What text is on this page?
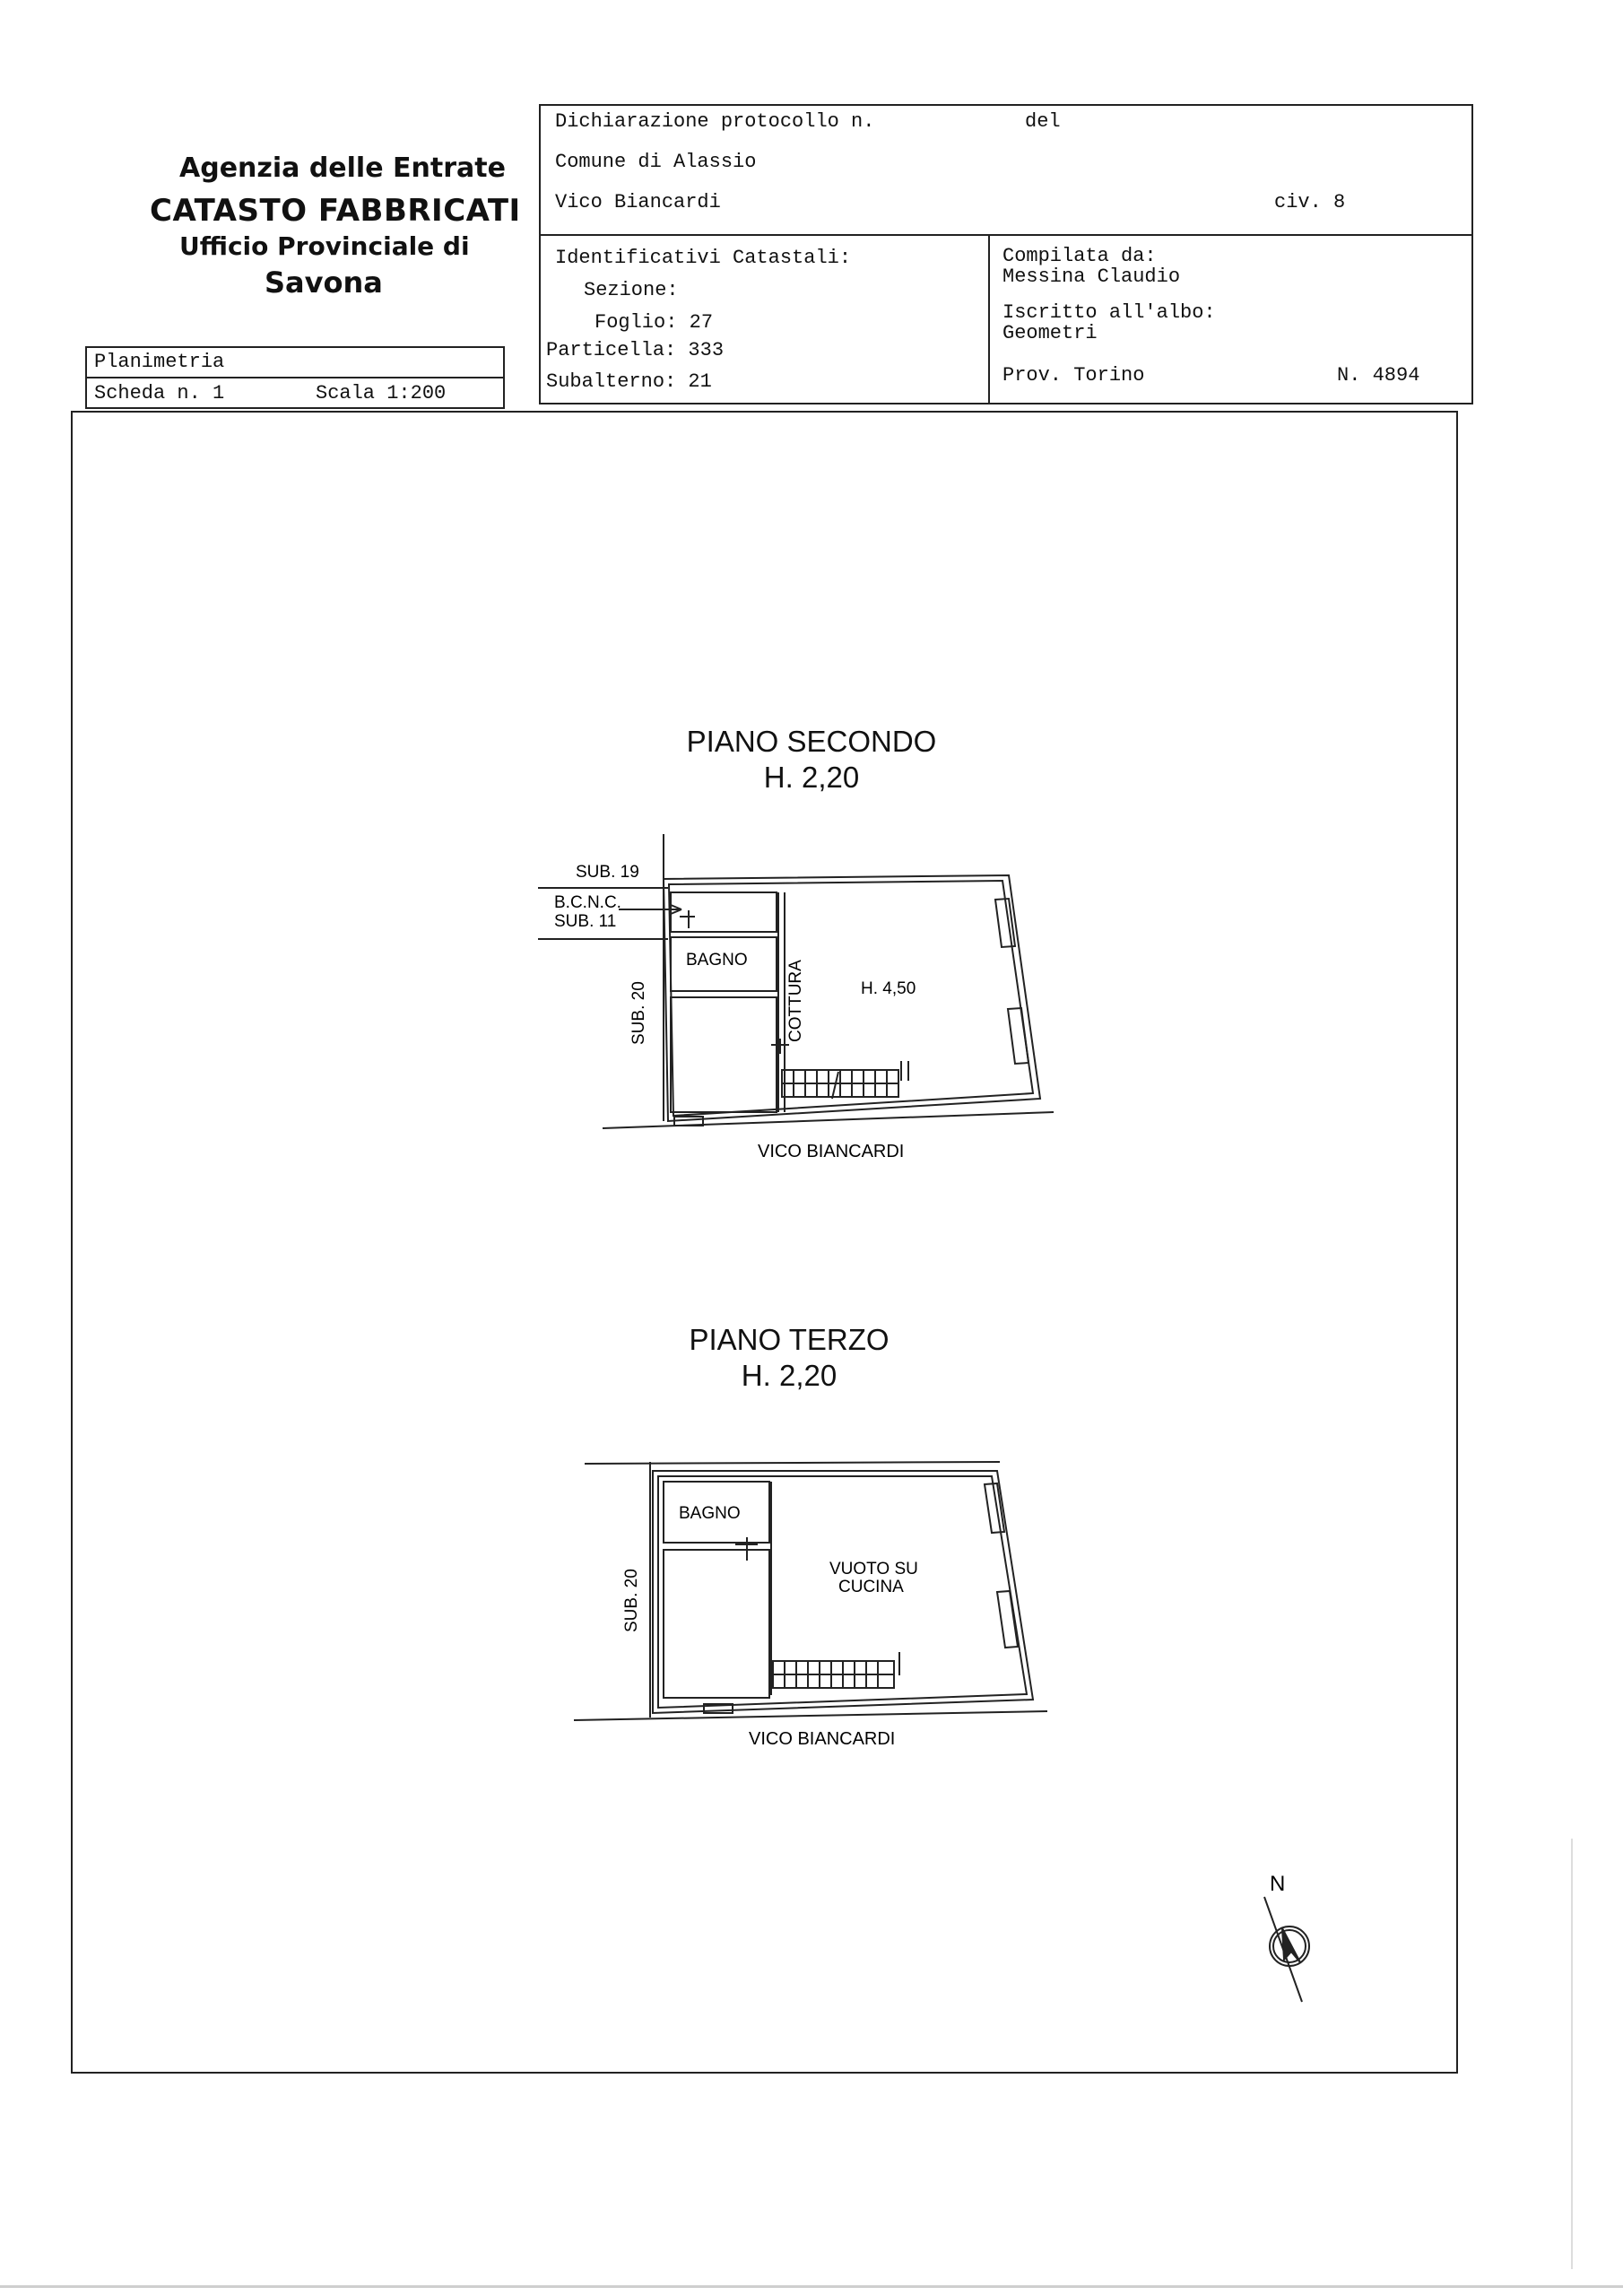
Agenzia delle Entrate
CATASTO FABBRICATI
Ufficio Provinciale di
Savona
Planimetria
Scheda n. 1	Scala 1:200
Dichiarazione protocollo n.	del
Comune di Alassio
Vico Biancardi	civ. 8
Identificativi Catastali:
Sezione:
Foglio: 27
Particella: 333
Subalterno: 21
Compilata da:
Messina Claudio
Iscritto all'albo:
Geometri
Prov. Torino	N. 4894
PIANO SECONDO
H. 2,20
PIANO TERZO
H. 2,20
SUB. 19
B.C.N.C.
SUB. 11
BAGNO
H. 4,50
VICO BIANCARDI
SUB. 20	COTTURA
BAGNO
VUOTO SU
CUCINA
VICO BIANCARDI
SUB. 20
N
